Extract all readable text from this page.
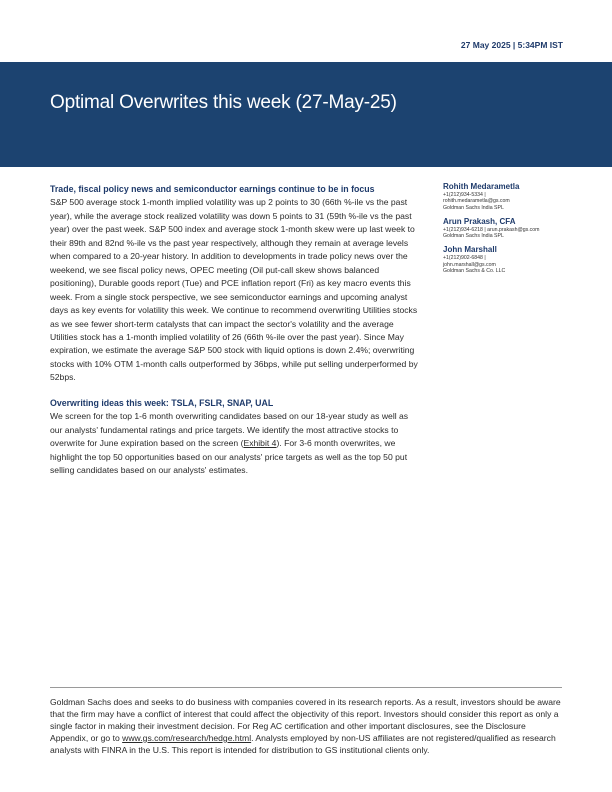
27 May 2025 | 5:34PM IST
Optimal Overwrites this week (27-May-25)
Trade, fiscal policy news and semiconductor earnings continue to be in focus

S&P 500 average stock 1-month implied volatility was up 2 points to 30 (66th %-ile vs the past year), while the average stock realized volatility was down 5 points to 31 (59th %-ile vs the past year) over the past week. S&P 500 index and average stock 1-month skew were up last week to their 89th and 82nd %-ile vs the past year respectively, although they remain at average levels when compared to a 20-year history. In addition to developments in trade policy news over the weekend, we see fiscal policy news, OPEC meeting (Oil put-call skew shows balanced positioning), Durable goods report (Tue) and PCE inflation report (Fri) as key macro events this week. From a single stock perspective, we see semiconductor earnings and upcoming analyst days as key events for volatility this week. We continue to recommend overwriting Utilities stocks as we see fewer short-term catalysts that can impact the sector's volatility and the average Utilities stock has a 1-month implied volatility of 26 (66th %-ile over the past year). Since May expiration, we estimate the average S&P 500 stock with liquid options is down 2.4%; overwriting stocks with 10% OTM 1-month calls outperformed by 36bps, while put selling underperformed by 52bps.

Overwriting ideas this week: TSLA, FSLR, SNAP, UAL

We screen for the top 1-6 month overwriting candidates based on our 18-year study as well as our analysts' fundamental ratings and price targets. We identify the most attractive stocks to overwrite for June expiration based on the screen (Exhibit 4). For 3-6 month overwrites, we highlight the top 50 opportunities based on our analysts' price targets as well as the top 50 put selling candidates based on our analysts' estimates.

Rohith Medarametla
+1(212)934-5334 |
rohith.medarametla@gs.com
Goldman Sachs India SPL
Arun Prakash, CFA
+1(212)934-6218 | arun.prakash@gs.com
Goldman Sachs India SPL
John Marshall
+1(212)902-6848 |
john.marshall@gs.com
Goldman Sachs & Co. LLC
Goldman Sachs does and seeks to do business with companies covered in its research reports. As a result, investors should be aware that the firm may have a conflict of interest that could affect the objectivity of this report. Investors should consider this report as only a single factor in making their investment decision. For Reg AC certification and other important disclosures, see the Disclosure Appendix, or go to www.gs.com/research/hedge.html. Analysts employed by non-US affiliates are not registered/qualified as research analysts with FINRA in the U.S. This report is intended for distribution to GS institutional clients only.
